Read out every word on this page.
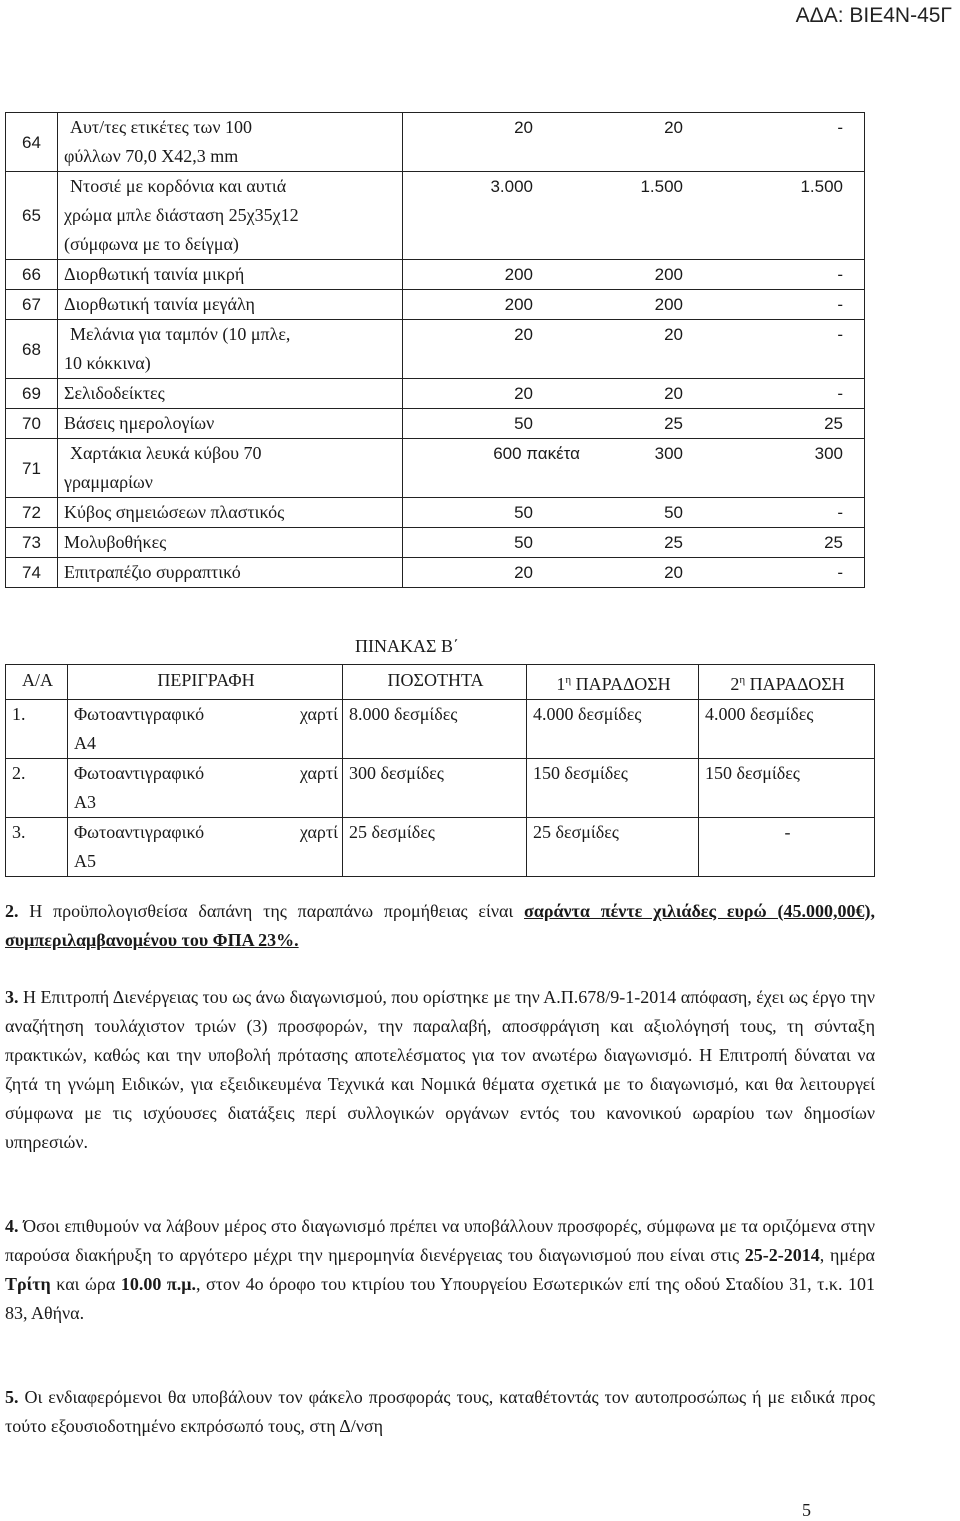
ΑΔΑ: ΒΙΕ4Ν-45Γ
64	Αυτ/τες ετικέτες των 100
φύλλων 70,0 Χ42,3 mm	20 20 -

65	Ντοσιέ με κορδόνια και αυτιά
χρώμα μπλε διάσταση 25χ35χ12
(σύμφωνα με το δείγμα)	3.000 1.500 1.500

66	Διορθωτική ταινία μικρή	200 200 -

67	Διορθωτική ταινία μεγάλη	200 200 -

68	Μελάνια για ταμπόν (10 μπλε,
10 κόκκινα)	20 20 -

69	Σελιδοδείκτες	20 20 -

70	Βάσεις ημερολογίων	50 25 25

71	Χαρτάκια λευκά κύβου 70
γραμμαρίων	600 πακέτα 300 300

72	Κύβος σημειώσεων πλαστικός	50 50 -

73	Μολυβοθήκες	50 25 25

74	Επιτραπέζιο συρραπτικό	20 20 -
ΠΙΝΑΚΑΣ Β΄
Α/Α	ΠΕΡΙΓΡΑΦΗ	ΠΟΣΟΤΗΤΑ	$1^\eta$ ΠΑΡΑΔΟΣΗ	$2^\eta$ ΠΑΡΑΔΟΣΗ
1.	Φωτοαντιγραφικό χαρτί
Α4	8.000 δεσμίδες	4.000 δεσμίδες	4.000 δεσμίδες
2.	Φωτοαντιγραφικό χαρτί
Α3	300 δεσμίδες	150 δεσμίδες	150 δεσμίδες
3.	Φωτοαντιγραφικό χαρτί
Α5	25 δεσμίδες	25 δεσμίδες	-

2. Η προϋπολογισθείσα δαπάνη της παραπάνω προμήθειας είναι σαράντα πέντε χιλιάδες ευρώ (45.000,00€), συμπεριλαμβανομένου του ΦΠΑ 23%.

3. Η Επιτροπή Διενέργειας του ως άνω διαγωνισμού, που ορίστηκε με την Α.Π.678/9-1-2014 απόφαση, έχει ως έργο την αναζήτηση τουλάχιστον τριών (3) προσφορών, την παραλαβή, αποσφράγιση και αξιολόγησή τους, τη σύνταξη πρακτικών, καθώς και την υποβολή πρότασης αποτελέσματος για τον ανωτέρω διαγωνισμό. Η Επιτροπή δύναται να ζητά τη γνώμη Ειδικών, για εξειδικευμένα Τεχνικά και Νομικά θέματα σχετικά με το διαγωνισμό, και θα λειτουργεί σύμφωνα με τις ισχύουσες διατάξεις περί συλλογικών οργάνων εντός του κανονικού ωραρίου των δημοσίων υπηρεσιών.

4. Όσοι επιθυμούν να λάβουν μέρος στο διαγωνισμό πρέπει να υποβάλλουν προσφορές, σύμφωνα με τα οριζόμενα στην παρούσα διακήρυξη το αργότερο μέχρι την ημερομηνία διενέργειας του διαγωνισμού που είναι στις 25-2-2014, ημέρα Τρίτη και ώρα 10.00 π.μ., στον 4ο όροφο του κτιρίου του Υπουργείου Εσωτερικών επί της οδού Σταδίου 31, τ.κ. 101 83, Αθήνα.

5. Οι ενδιαφερόμενοι θα υποβάλουν τον φάκελο προσφοράς τους, καταθέτοντάς τον αυτοπροσώπως ή με ειδικά προς τούτο εξουσιοδοτημένο εκπρόσωπό τους, στη Δ/νση

5
